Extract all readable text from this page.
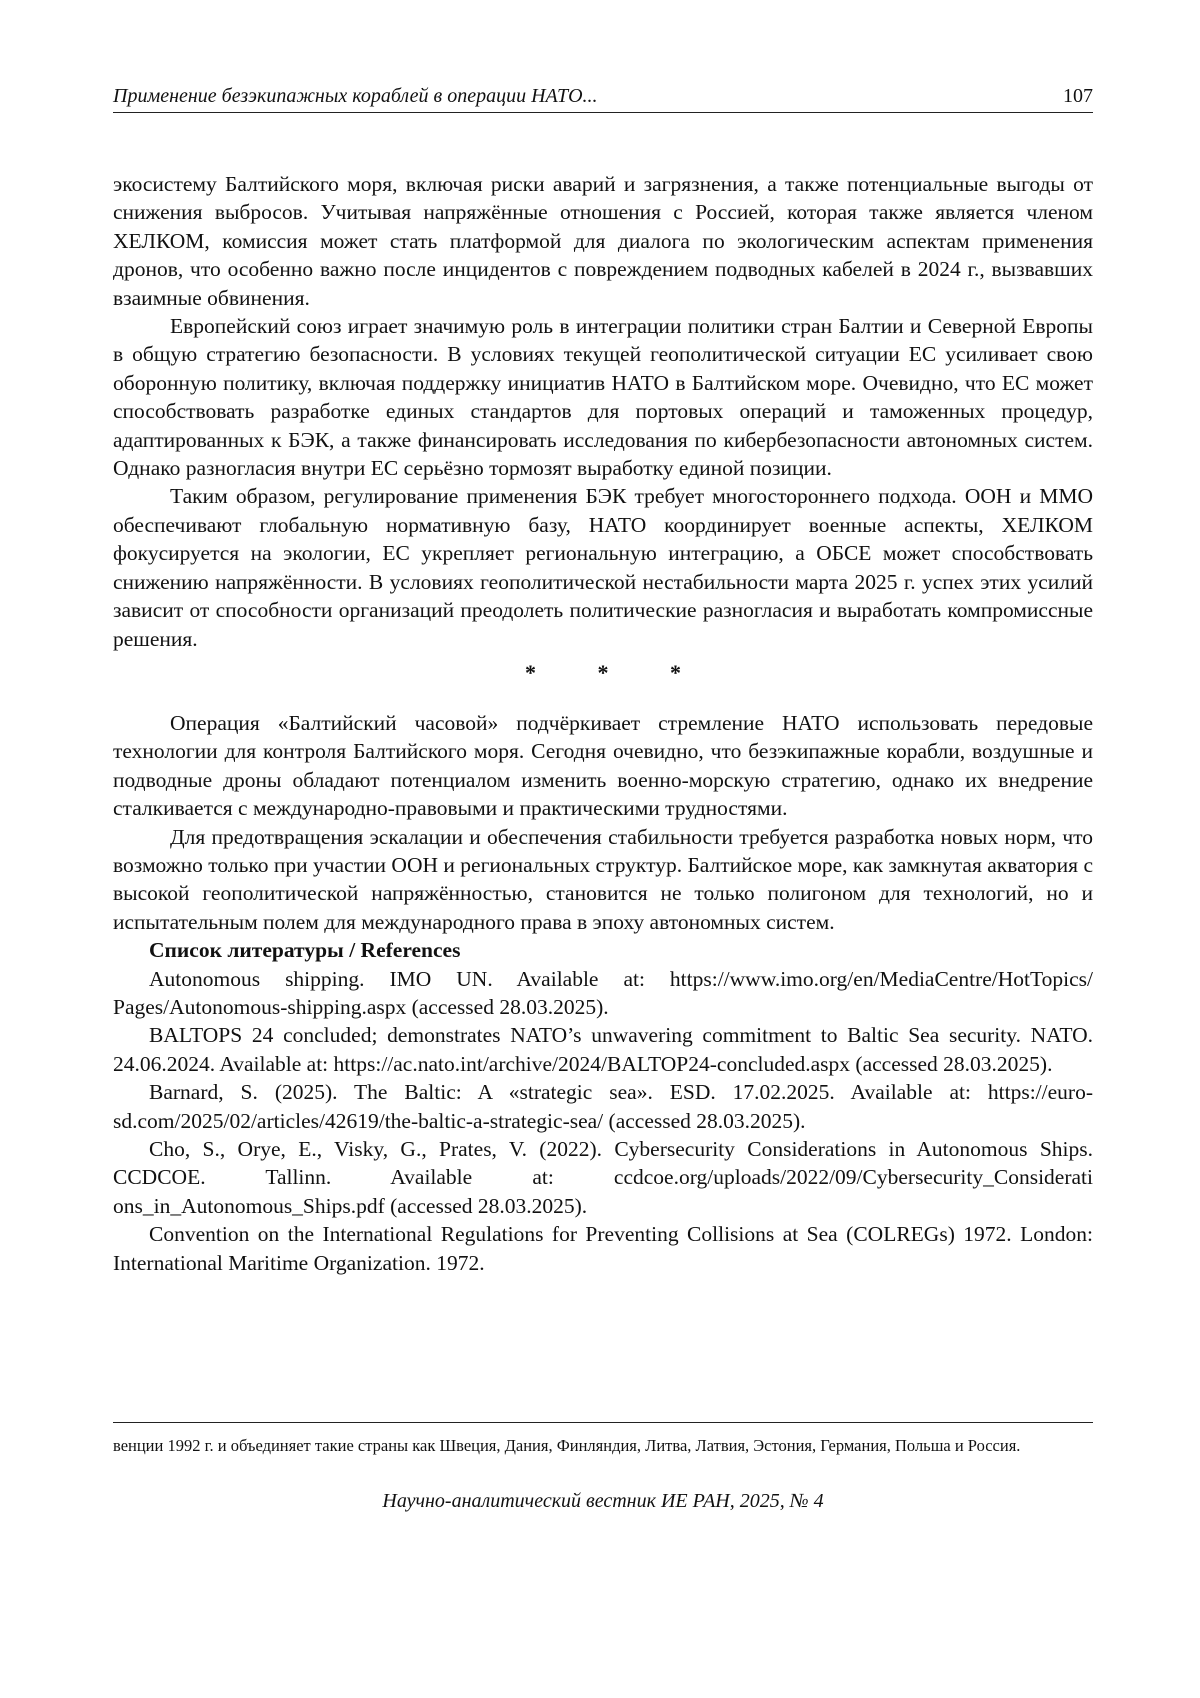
Применение безэкипажных кораблей в операции НАТО...	107

экосистему Балтийского моря, включая риски аварий и загрязнения, а также потенциальные выгоды от снижения выбросов. Учитывая напряжённые отношения с Россией, которая также является членом ХЕЛКОМ, комиссия может стать платформой для диалога по экологическим аспектам применения дронов, что особенно важно после инцидентов с повреждением подводных кабелей в 2024 г., вызвавших взаимные обвинения.

Европейский союз играет значимую роль в интеграции политики стран Балтии и Северной Европы в общую стратегию безопасности. В условиях текущей геополитической ситуации ЕС усиливает свою оборонную политику, включая поддержку инициатив НАТО в Балтийском море. Очевидно, что ЕС может способствовать разработке единых стандартов для портовых операций и таможенных процедур, адаптированных к БЭК, а также финансировать исследования по кибербезопасности автономных систем. Однако разногласия внутри ЕС серьёзно тормозят выработку единой позиции.

Таким образом, регулирование применения БЭК требует многостороннего подхода. ООН и ММО обеспечивают глобальную нормативную базу, НАТО координирует военные аспекты, ХЕЛКОМ фокусируется на экологии, ЕС укрепляет региональную интеграцию, а ОБСЕ может способствовать снижению напряжённости. В условиях геополитической нестабильности марта 2025 г. успех этих усилий зависит от способности организаций преодолеть политические разногласия и выработать компромиссные решения.

*	*	*

Операция «Балтийский часовой» подчёркивает стремление НАТО использовать передовые технологии для контроля Балтийского моря. Сегодня очевидно, что безэкипажные корабли, воздушные и подводные дроны обладают потенциалом изменить военно-морскую стратегию, однако их внедрение сталкивается с международно-правовыми и практическими трудностями.

Для предотвращения эскалации и обеспечения стабильности требуется разработка новых норм, что возможно только при участии ООН и региональных структур. Балтийское море, как замкнутая акватория с высокой геополитической напряжённостью, становится не только полигоном для технологий, но и испытательным полем для международного права в эпоху автономных систем.

Список литературы / References

Autonomous shipping. IMO UN. Available at: https://www.imo.org/en/MediaCentre/HotTopics/ Pages/Autonomous-shipping.aspx (accessed 28.03.2025).

BALTOPS 24 concluded; demonstrates NATO’s unwavering commitment to Baltic Sea security. NATO. 24.06.2024. Available at: https://ac.nato.int/archive/2024/BALTOP24-concluded.aspx (accessed 28.03.2025).

Barnard, S. (2025). The Baltic: A «strategic sea». ESD. 17.02.2025. Available at: https://eurosd.com/2025/02/articles/42619/the-baltic-a-strategic-sea/ (accessed 28.03.2025).

Cho, S., Orye, E., Visky, G., Prates, V. (2022). Cybersecurity Considerations in Autonomous Ships. CCDCOE. Tallinn. Available at: ccdcoe.org/uploads/2022/09/Cybersecurity_Considerati ons_in_Autonomous_Ships.pdf (accessed 28.03.2025).

Convention on the International Regulations for Preventing Collisions at Sea (COLREGs) 1972. London: International Maritime Organization. 1972.

венции 1992 г. и объединяет такие страны как Швеция, Дания, Финляндия, Литва, Латвия, Эстония, Германия, Польша и Россия.
Научно-аналитический вестник ИЕ РАН, 2025, № 4
